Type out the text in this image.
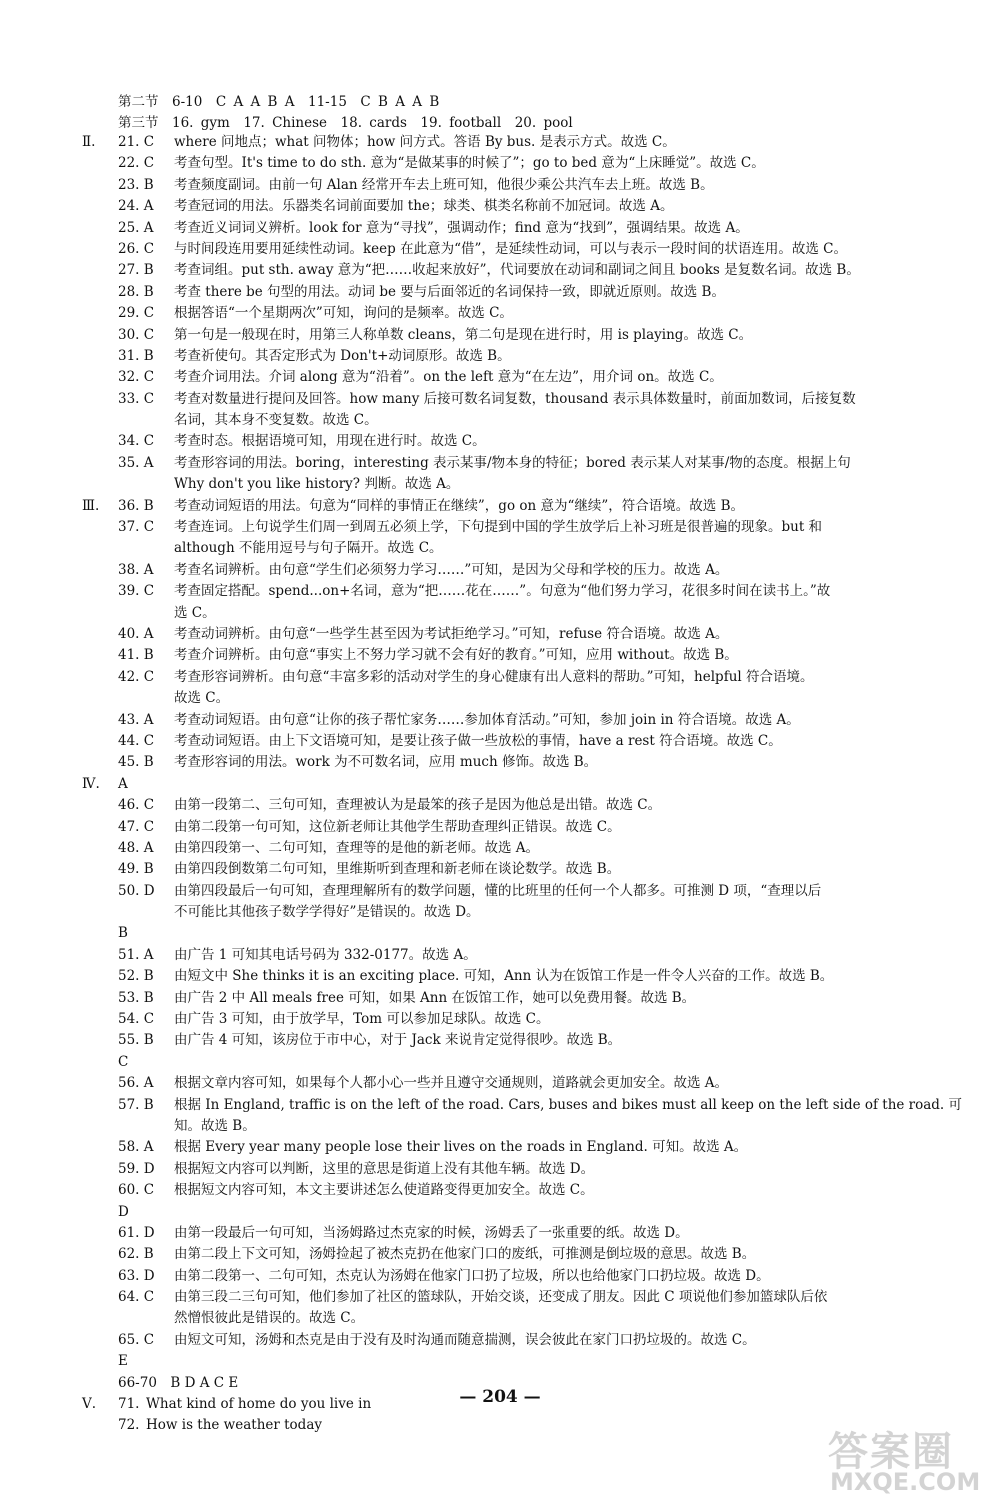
第二节　6-10　C A A B A　11-15　C B A A B
第三节　16. gym　17. Chinese　18. cards　19. football　20. pool
Ⅱ.	21. C	where 问地点；what 问物体；how 问方式。答语 By bus. 是表示方式。故选 C。
22. C	考查句型。It's time to do sth. 意为“是做某事的时候了”；go to bed 意为“上床睡觉”。故选 C。
23. B	考查频度副词。由前一句 Alan 经常开车去上班可知，他很少乘公共汽车去上班。故选 B。
24. A	考查冠词的用法。乐器类名词前面要加 the；球类、棋类名称前不加冠词。故选 A。
25. A	考查近义词词义辨析。look for 意为“寻找”，强调动作；find 意为“找到”，强调结果。故选 A。
26. C	与时间段连用要用延续性动词。keep 在此意为“借”，是延续性动词，可以与表示一段时间的状语连用。故选 C。
27. B	考查词组。put sth. away 意为“把……收起来放好”，代词要放在动词和副词之间且 books 是复数名词。故选 B。
28. B	考查 there be 句型的用法。动词 be 要与后面邻近的名词保持一致，即就近原则。故选 B。
29. C	根据答语“一个星期两次”可知，询问的是频率。故选 C。
30. C	第一句是一般现在时，用第三人称单数 cleans，第二句是现在进行时，用 is playing。故选 C。
31. B	考查祈使句。其否定形式为 Don't+动词原形。故选 B。
32. C	考查介词用法。介词 along 意为“沿着”。on the left 意为“在左边”，用介词 on。故选 C。
33. C	考查对数量进行提问及回答。how many 后接可数名词复数，thousand 表示具体数量时，前面加数词，后接复数
名词，其本身不变复数。故选 C。
34. C	考查时态。根据语境可知，用现在进行时。故选 C。
35. A	考查形容词的用法。boring，interesting 表示某事/物本身的特征；bored 表示某人对某事/物的态度。根据上句
Why don't you like history? 判断。故选 A。
Ⅲ.	36. B	考查动词短语的用法。句意为“同样的事情正在继续”，go on 意为“继续”，符合语境。故选 B。
37. C	考查连词。上句说学生们周一到周五必须上学，下句提到中国的学生放学后上补习班是很普遍的现象。but 和
although 不能用逗号与句子隔开。故选 C。
38. A	考查名词辨析。由句意“学生们必须努力学习……”可知，是因为父母和学校的压力。故选 A。
39. C	考查固定搭配。spend...on+名词，意为“把……花在……”。句意为“他们努力学习，花很多时间在读书上。”故
选 C。
40. A	考查动词辨析。由句意“一些学生甚至因为考试拒绝学习。”可知，refuse 符合语境。故选 A。
41. B	考查介词辨析。由句意“事实上不努力学习就不会有好的教育。”可知，应用 without。故选 B。
42. C	考查形容词辨析。由句意“丰富多彩的活动对学生的身心健康有出人意料的帮助。”可知，helpful 符合语境。
故选 C。
43. A	考查动词短语。由句意“让你的孩子帮忙家务……参加体育活动。”可知，参加 join in 符合语境。故选 A。
44. C	考查动词短语。由上下文语境可知，是要让孩子做一些放松的事情，have a rest 符合语境。故选 C。
45. B	考查形容词的用法。work 为不可数名词，应用 much 修饰。故选 B。
Ⅳ.	A
46. C	由第一段第二、三句可知，查理被认为是最笨的孩子是因为他总是出错。故选 C。
47. C	由第二段第一句可知，这位新老师让其他学生帮助查理纠正错误。故选 C。
48. A	由第四段第一、二句可知，查理等的是他的新老师。故选 A。
49. B	由第四段倒数第二句可知，里维斯听到查理和新老师在谈论数学。故选 B。
50. D	由第四段最后一句可知，查理理解所有的数学问题，懂的比班里的任何一个人都多。可推测 D 项，“查理以后
不可能比其他孩子数学学得好”是错误的。故选 D。
B
51. A	由广告 1 可知其电话号码为 332-0177。故选 A。
52. B	由短文中 She thinks it is an exciting place. 可知，Ann 认为在饭馆工作是一件令人兴奋的工作。故选 B。
53. B	由广告 2 中 All meals free 可知，如果 Ann 在饭馆工作，她可以免费用餐。故选 B。
54. C	由广告 3 可知，由于放学早，Tom 可以参加足球队。故选 C。
55. B	由广告 4 可知，该房位于市中心，对于 Jack 来说肯定觉得很吵。故选 B。
C
56. A	根据文章内容可知，如果每个人都小心一些并且遵守交通规则，道路就会更加安全。故选 A。
57. B	根据 In England, traffic is on the left of the road. Cars, buses and bikes must all keep on the left side of the road. 可
知。故选 B。
58. A	根据 Every year many people lose their lives on the roads in England. 可知。故选 A。
59. D	根据短文内容可以判断，这里的意思是街道上没有其他车辆。故选 D。
60. C	根据短文内容可知，本文主要讲述怎么使道路变得更加安全。故选 C。
D
61. D	由第一段最后一句可知，当汤姆路过杰克家的时候，汤姆丢了一张重要的纸。故选 D。
62. B	由第二段上下文可知，汤姆捡起了被杰克扔在他家门口的废纸，可推测是倒垃圾的意思。故选 B。
63. D	由第二段第一、二句可知，杰克认为汤姆在他家门口扔了垃圾，所以也给他家门口扔垃圾。故选 D。
64. C	由第三段二三句可知，他们参加了社区的篮球队，开始交谈，还变成了朋友。因此 C 项说他们参加篮球队后依
然憎恨彼此是错误的。故选 C。
65. C	由短文可知，汤姆和杰克是由于没有及时沟通而随意揣测，误会彼此在家门口扔垃圾的。故选 C。
E
66-70　B D A C E
Ⅴ.	71. What kind of home do you live in
72. How is the weather today
— 204 —
答案圈
MXQE.COM
